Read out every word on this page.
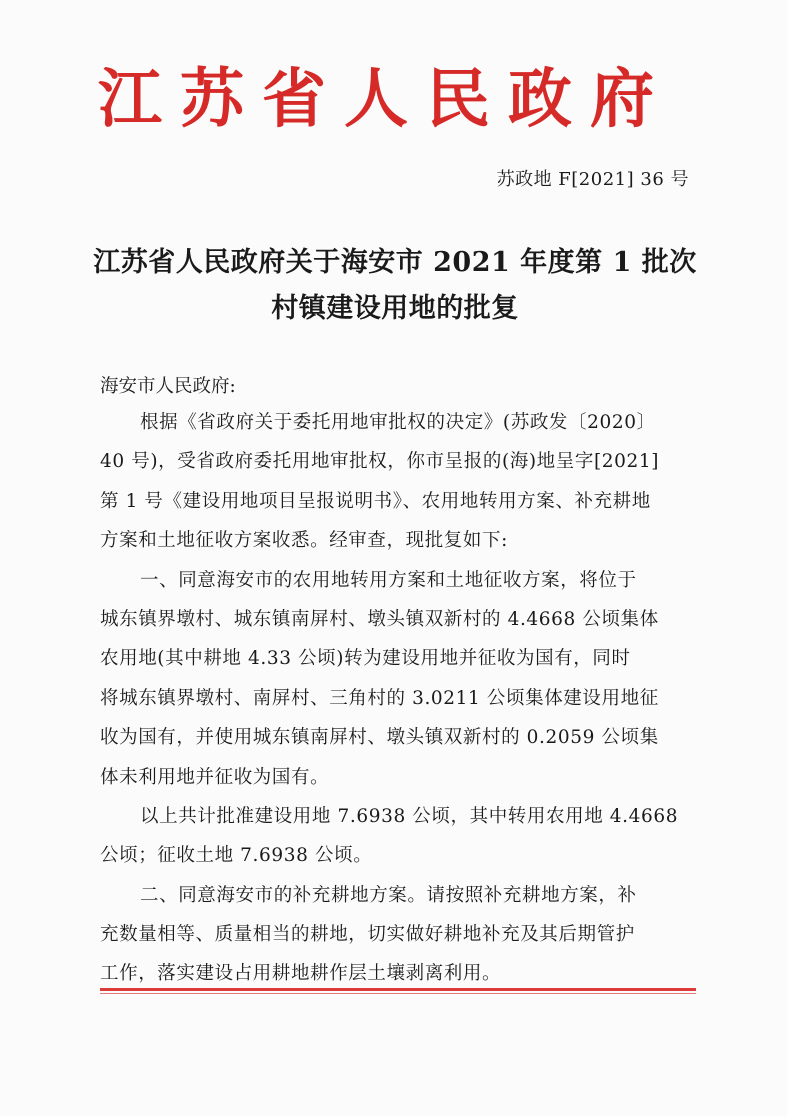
江苏省人民政府
苏政地 F[2021] 36 号
江苏省人民政府关于海安市 2021 年度第 1 批次
村镇建设用地的批复
海安市人民政府:
根据《省政府关于委托用地审批权的决定》(苏政发〔2020〕
40 号)，受省政府委托用地审批权，你市呈报的(海)地呈字[2021]
第 1 号《建设用地项目呈报说明书》、农用地转用方案、补充耕地
方案和土地征收方案收悉。经审查，现批复如下:
一、同意海安市的农用地转用方案和土地征收方案，将位于
城东镇界墩村、城东镇南屏村、墩头镇双新村的 4.4668 公顷集体
农用地(其中耕地 4.33 公顷)转为建设用地并征收为国有，同时
将城东镇界墩村、南屏村、三角村的 3.0211 公顷集体建设用地征
收为国有，并使用城东镇南屏村、墩头镇双新村的 0.2059 公顷集
体未利用地并征收为国有。
以上共计批准建设用地 7.6938 公顷，其中转用农用地 4.4668
公顷；征收土地 7.6938 公顷。
二、同意海安市的补充耕地方案。请按照补充耕地方案，补
充数量相等、质量相当的耕地，切实做好耕地补充及其后期管护
工作，落实建设占用耕地耕作层土壤剥离利用。
